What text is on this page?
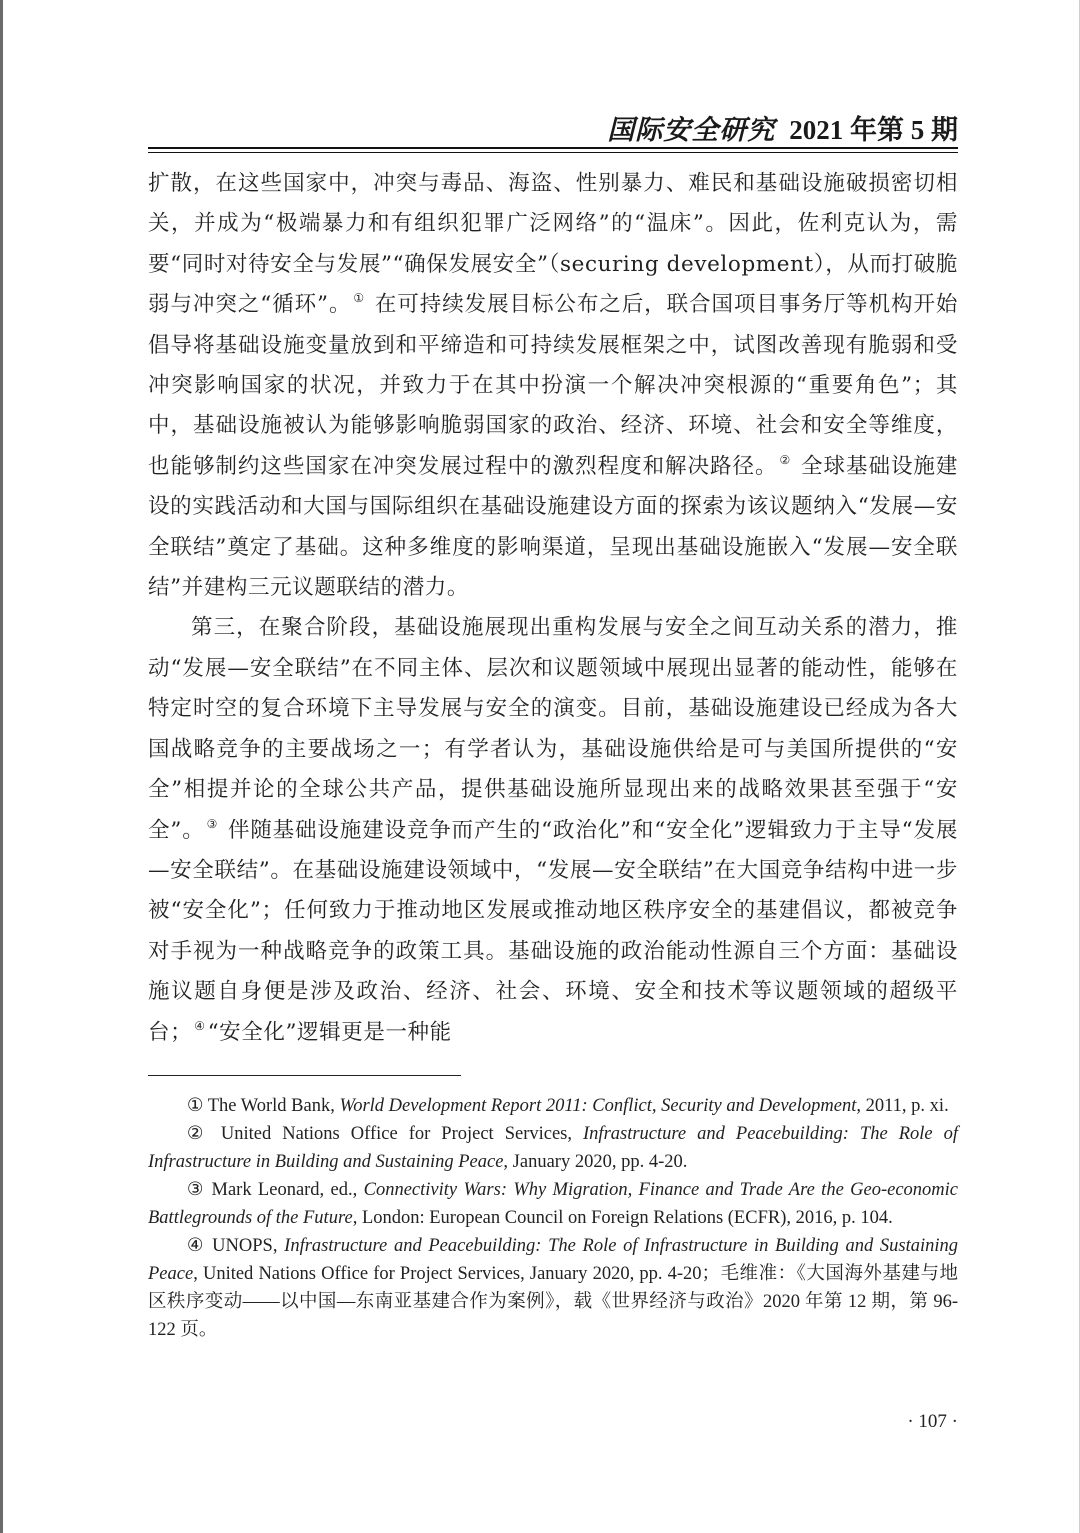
国际安全研究 2021 年第 5 期

扩散，在这些国家中，冲突与毒品、海盗、性别暴力、难民和基础设施破损密切相关，并成为“极端暴力和有组织犯罪广泛网络”的“温床”。因此，佐利克认为，需要“同时对待安全与发展”“确保发展安全”（securing development），从而打破脆弱与冲突之“循环”。 ① 在可持续发展目标公布之后，联合国项目事务厅等机构开始倡导将基础设施变量放到和平缔造和可持续发展框架之中，试图改善现有脆弱和受冲突影响国家的状况，并致力于在其中扮演一个解决冲突根源的“重要角色”；其中，基础设施被认为能够影响脆弱国家的政治、经济、环境、社会和安全等维度，也能够制约这些国家在冲突发展过程中的激烈程度和解决路径。 ② 全球基础设施建设的实践活动和大国与国际组织在基础设施建设方面的探索为该议题纳入“发展—安全联结”奠定了基础。这种多维度的影响渠道，呈现出基础设施嵌入“发展—安全联结”并建构三元议题联结的潜力。

第三，在聚合阶段，基础设施展现出重构发展与安全之间互动关系的潜力，推动“发展—安全联结”在不同主体、层次和议题领域中展现出显著的能动性，能够在特定时空的复合环境下主导发展与安全的演变。目前，基础设施建设已经成为各大国战略竞争的主要战场之一；有学者认为，基础设施供给是可与美国所提供的“安全”相提并论的全球公共产品，提供基础设施所显现出来的战略效果甚至强于“安全”。 ③ 伴随基础设施建设竞争而产生的“政治化”和“安全化”逻辑致力于主导“发展—安全联结”。在基础设施建设领域中，“发展—安全联结”在大国竞争结构中进一步被“安全化”；任何致力于推动地区发展或推动地区秩序安全的基建倡议，都被竞争对手视为一种战略竞争的政策工具。基础设施的政治能动性源自三个方面：基础设施议题自身便是涉及政治、经济、社会、环境、安全和技术等议题领域的超级平台； ④“安全化”逻辑更是一种能

① The World Bank, World Development Report 2011: Conflict, Security and Development, 2011, p. xi.

② United Nations Office for Project Services, Infrastructure and Peacebuilding: The Role of Infrastructure in Building and Sustaining Peace, January 2020, pp. 4-20.

③ Mark Leonard, ed., Connectivity Wars: Why Migration, Finance and Trade Are the Geo-economic Battlegrounds of the Future, London: European Council on Foreign Relations (ECFR), 2016, p. 104.

④ UNOPS, Infrastructure and Peacebuilding: The Role of Infrastructure in Building and Sustaining Peace, United Nations Office for Project Services, January 2020, pp. 4-20；毛维准：《大国海外基建与地区秩序变动——以中国—东南亚基建合作为案例》，载《世界经济与政治》2020 年第 12 期，第 96-122 页。

· 107 ·
